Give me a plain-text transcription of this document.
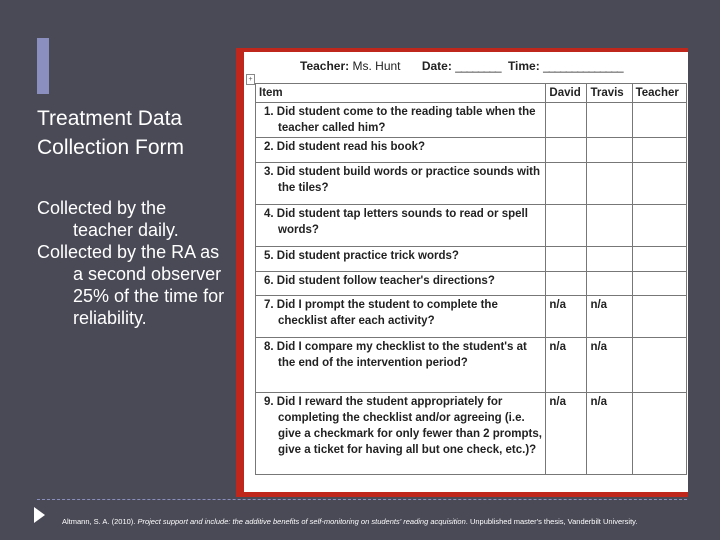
Treatment Data Collection Form
Collected by the teacher daily.
Collected by the RA as a second observer 25% of the time for reliability.
Teacher: Ms. Hunt Date: ________ Time: ______________
+
Item	David	Travis	Teacher
1. Did student come to the reading table when the teacher called him?			
2. Did student read his book?			
3. Did student build words or practice sounds with the tiles?			
4. Did student tap letters sounds to read or spell words?			
5. Did student practice trick words?			
6. Did student follow teacher's directions?			
7. Did I prompt the student to complete the checklist after each activity?	n/a	n/a	
8. Did I compare my checklist to the student's at the end of the intervention period?	n/a	n/a	
9. Did I reward the student appropriately for completing the checklist and/or agreeing (i.e. give a checkmark for only fewer than 2 prompts, give a ticket for having all but one check, etc.)?	n/a	n/a	
Altmann, S. A. (2010). Project support and include: the additive benefits of self-monitoring on students' reading acquisition. Unpublished master's thesis, Vanderbilt University.
